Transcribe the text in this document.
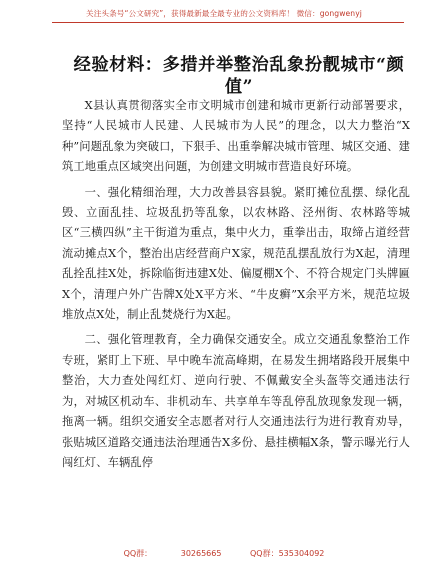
关注头条号“公文研究”，获得最新最全最专业的公文资料库！ 微信：gongwenyj
经验材料：多措并举整治乱象扮靓城市“颜值”

X县认真贯彻落实全市文明城市创建和城市更新行动部署要求，坚持“人民城市人民建、人民城市为人民”的理念，以大力整治“X种”问题乱象为突破口，下狠手、出重拳解决城市管理、城区交通、建筑工地重点区域突出问题，为创建文明城市营造良好环境。

一、强化精细治理，大力改善县容县貌。紧盯摊位乱摆、绿化乱毁、立面乱挂、垃圾乱扔等乱象，以农林路、泾州街、农林路等城区“三横四纵”主干街道为重点，集中火力，重拳出击，取缔占道经营流动摊点X个，整治出店经营商户X家，规范乱摆乱放行为X起，清理乱拴乱挂X处，拆除临街违建X处、偏厦棚X个、不符合规定门头牌匾X个，清理户外广告牌X处X平方米、“牛皮癣”X余平方米，规范垃圾堆放点X处，制止乱焚烧行为X起。

二、强化管理教育，全力确保交通安全。成立交通乱象整治工作专班，紧盯上下班、早中晚车流高峰期，在易发生拥堵路段开展集中整治，大力查处闯红灯、逆向行驶、不佩戴安全头盔等交通违法行为，对城区机动车、非机动车、共享单车等乱停乱放现象发现一辆，拖离一辆。组织交通安全志愿者对行人交通违法行为进行教育劝导，张贴城区道路交通违法治理通告X多份、悬挂横幅X条，警示曝光行人闯红灯、车辆乱停

QQ群： 30265665 QQ群：535304092
